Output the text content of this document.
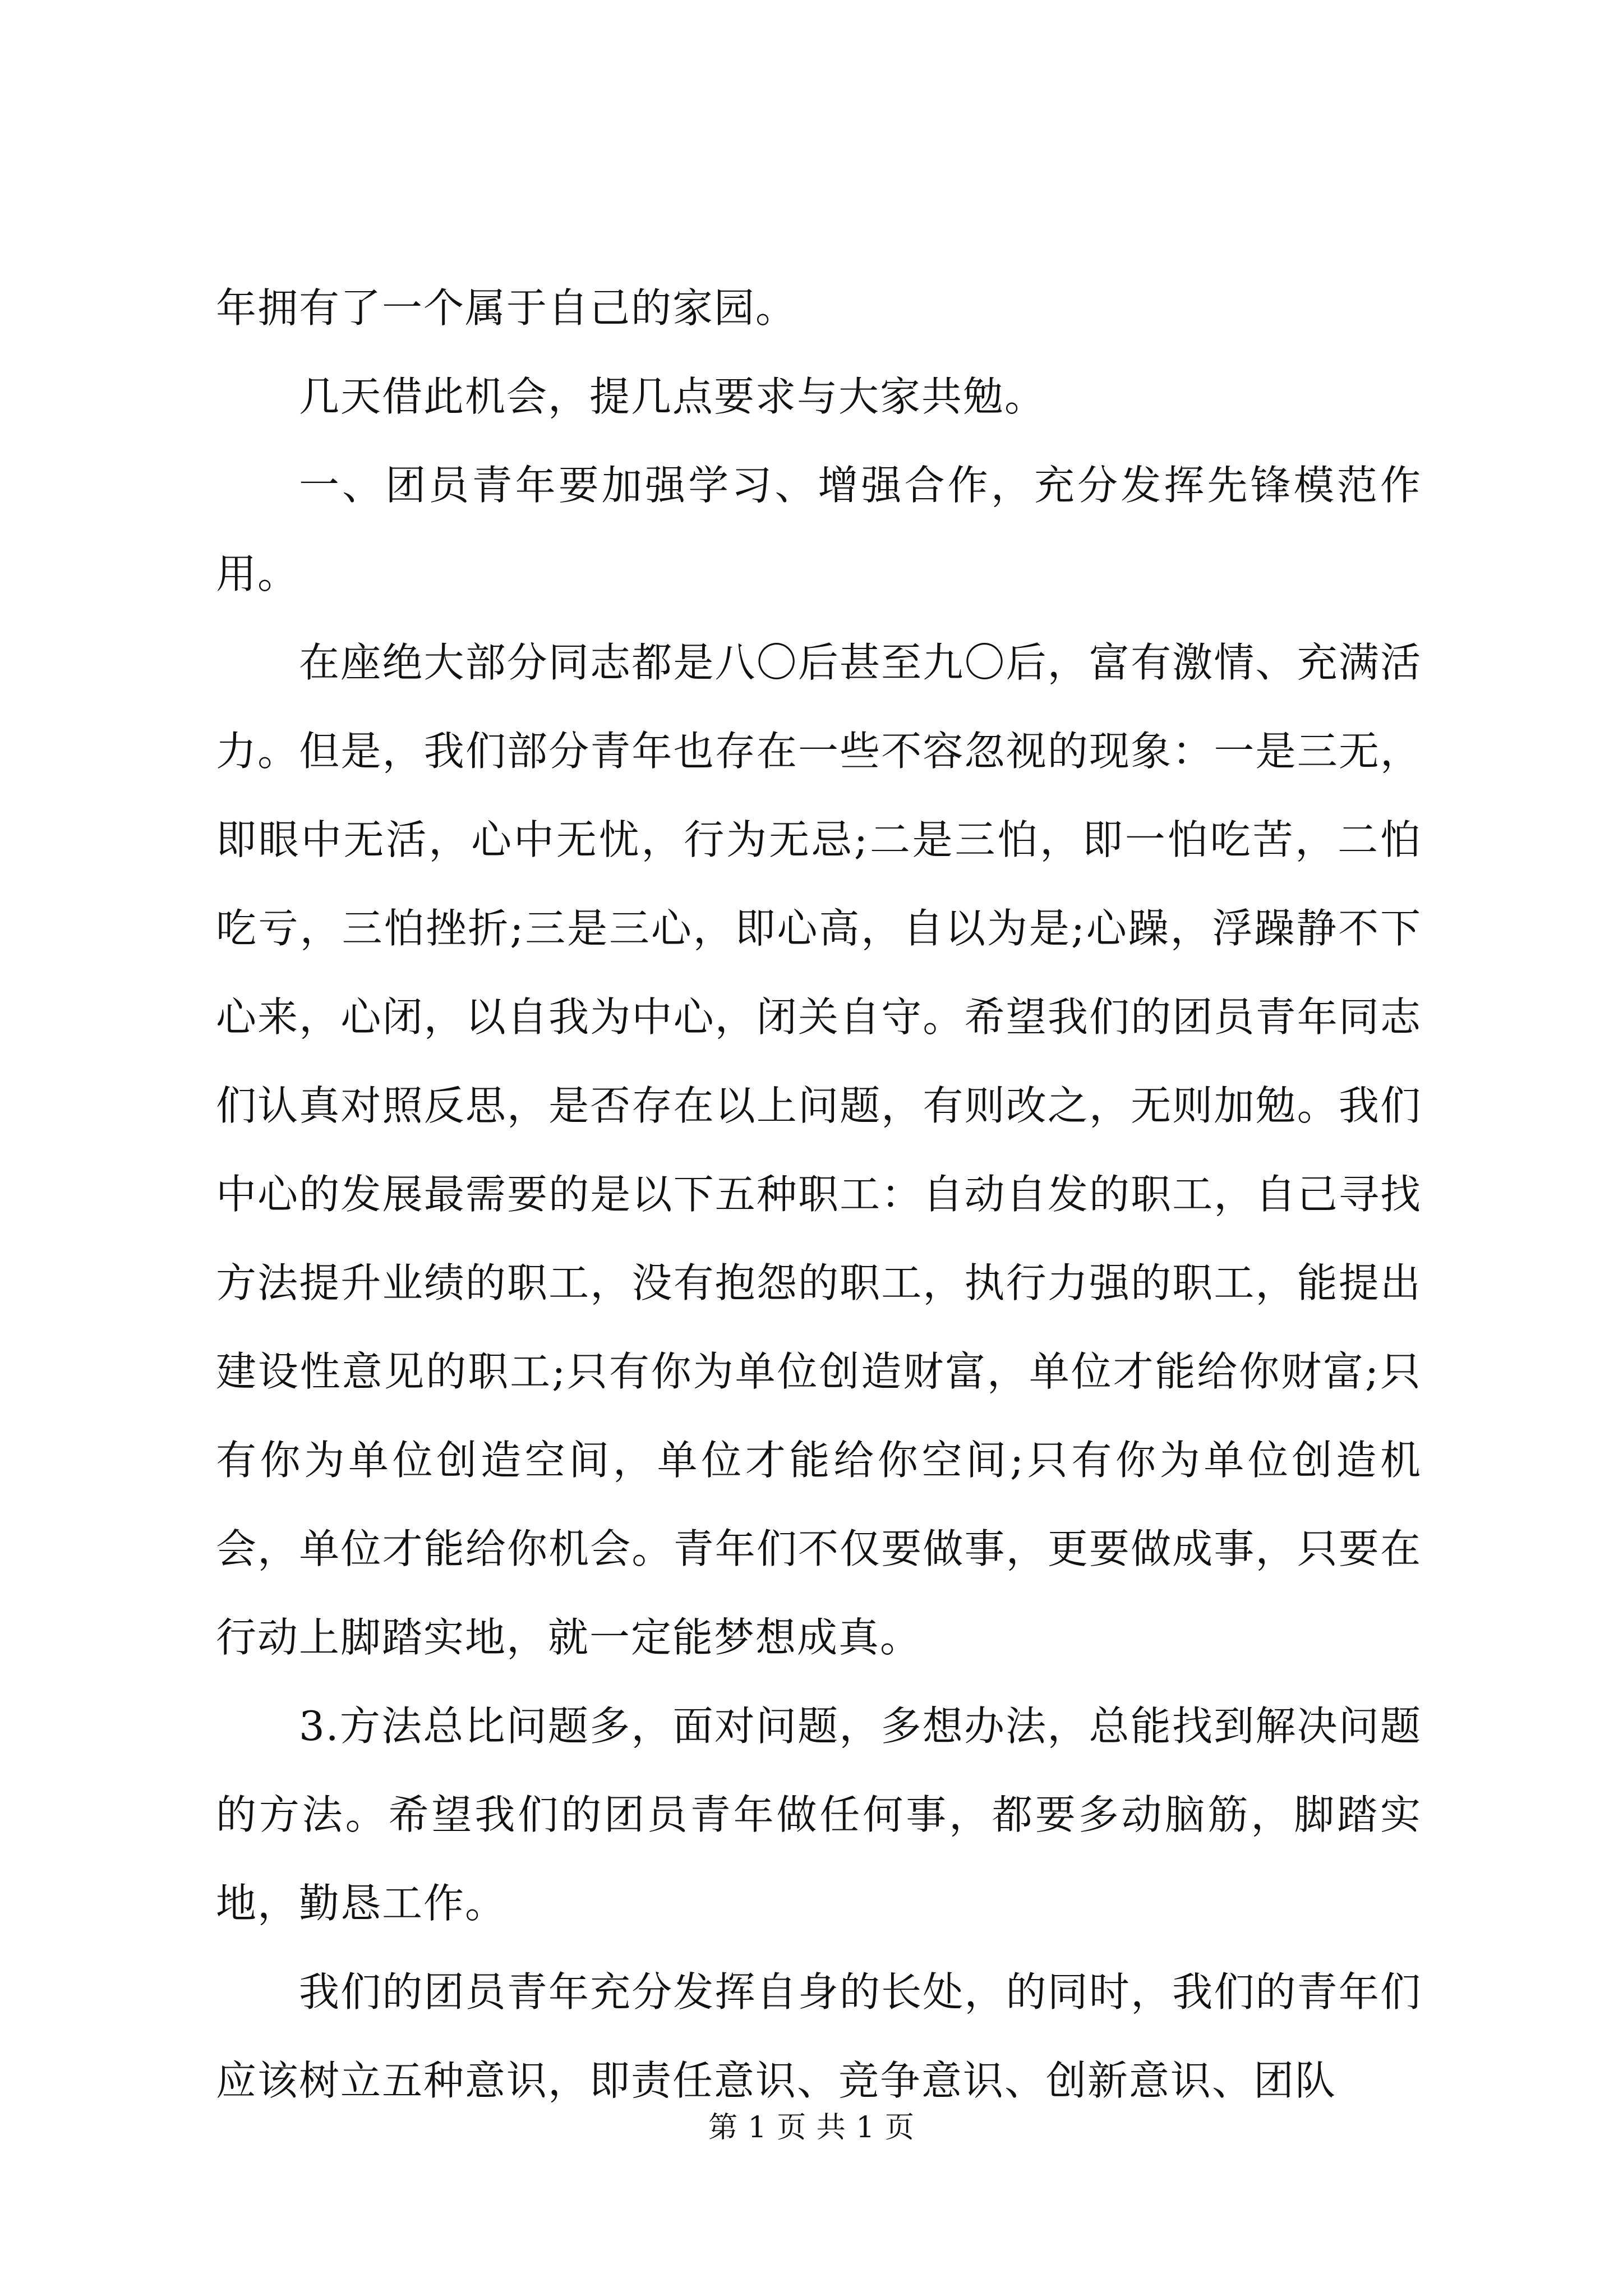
年拥有了一个属于自己的家园。

几天借此机会，提几点要求与大家共勉。

一、团员青年要加强学习、增强合作，充分发挥先锋模范作用。

在座绝大部分同志都是八〇后甚至九〇后，富有激情、充满活力。但是，我们部分青年也存在一些不容忽视的现象：一是三无，即眼中无活，心中无忧，行为无忌;二是三怕，即一怕吃苦，二怕吃亏，三怕挫折;三是三心，即心高，自以为是;心躁，浮躁静不下心来，心闭，以自我为中心，闭关自守。希望我们的团员青年同志们认真对照反思，是否存在以上问题，有则改之，无则加勉。我们中心的发展最需要的是以下五种职工：自动自发的职工，自己寻找方法提升业绩的职工，没有抱怨的职工，执行力强的职工，能提出建设性意见的职工;只有你为单位创造财富，单位才能给你财富;只有你为单位创造空间，单位才能给你空间;只有你为单位创造机会，单位才能给你机会。青年们不仅要做事，更要做成事，只要在行动上脚踏实地，就一定能梦想成真。

3.方法总比问题多，面对问题，多想办法，总能找到解决问题的方法。希望我们的团员青年做任何事，都要多动脑筋，脚踏实地，勤恳工作。

我们的团员青年充分发挥自身的长处，的同时，我们的青年们应该树立五种意识，即责任意识、竞争意识、创新意识、团队

第 1 页 共 1 页
